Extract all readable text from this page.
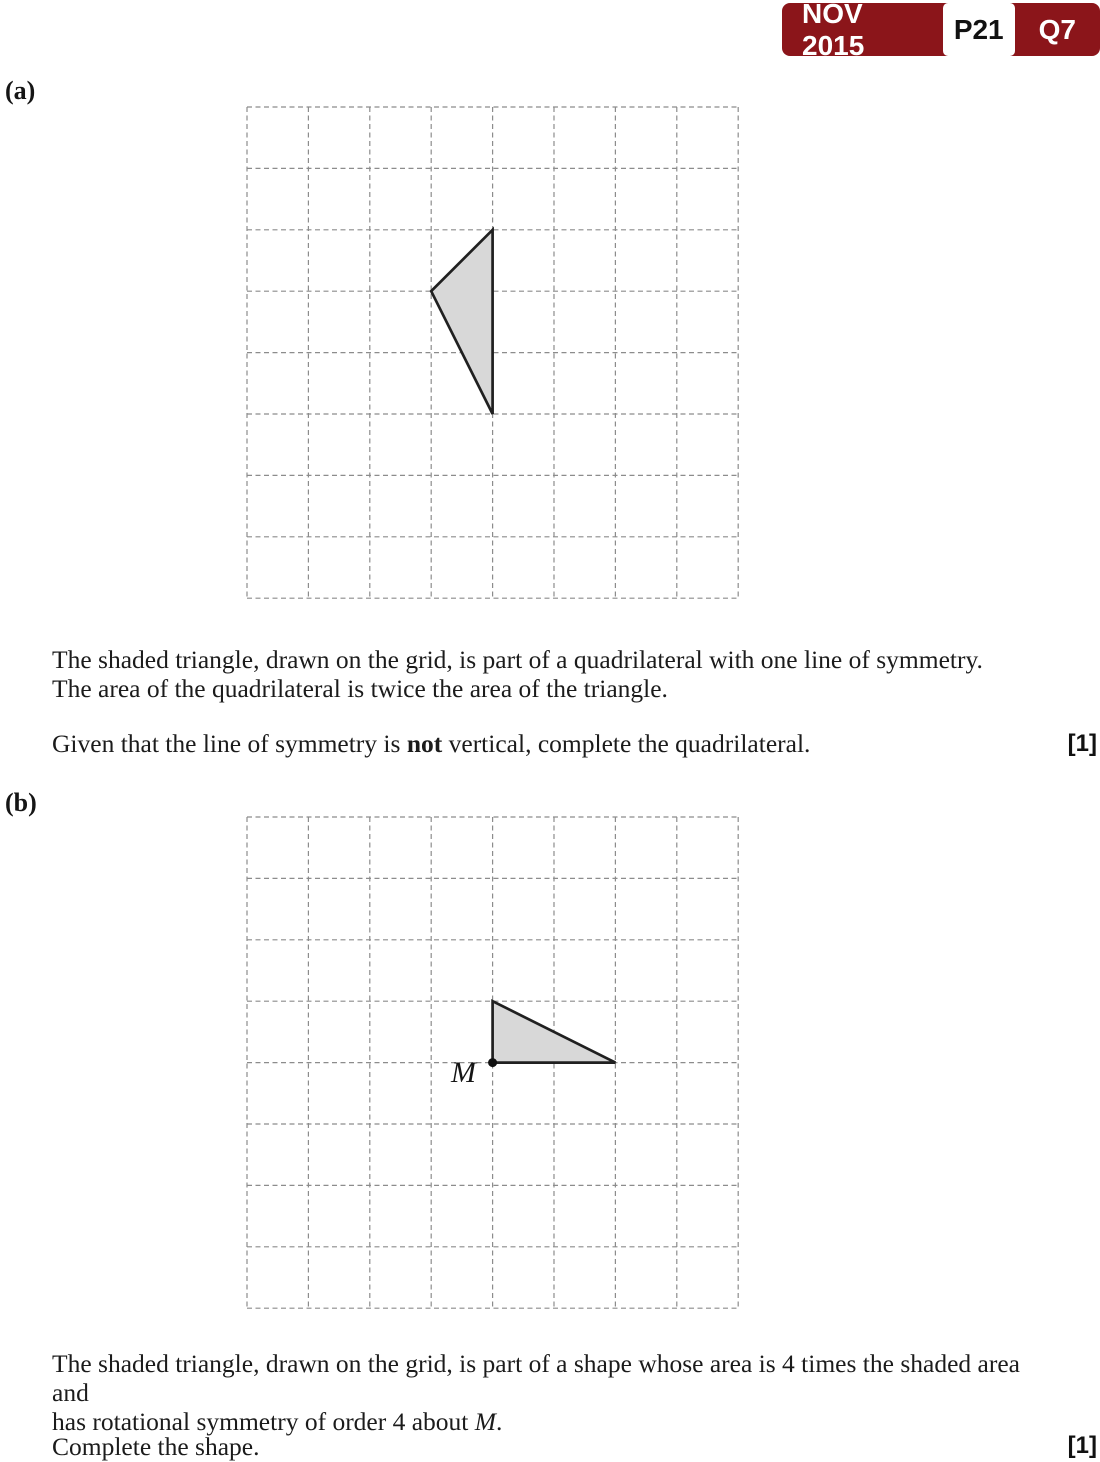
NOV 2015
P21	Q7
(a)
The shaded triangle, drawn on the grid, is part of a quadrilateral with one line of symmetry.
The area of the quadrilateral is twice the area of the triangle.
Given that the line of symmetry is not vertical, complete the quadrilateral.	[1]
(b)
M
The shaded triangle, drawn on the grid, is part of a shape whose area is 4 times the shaded area and
has rotational symmetry of order 4 about M.
Complete the shape.	[1]
